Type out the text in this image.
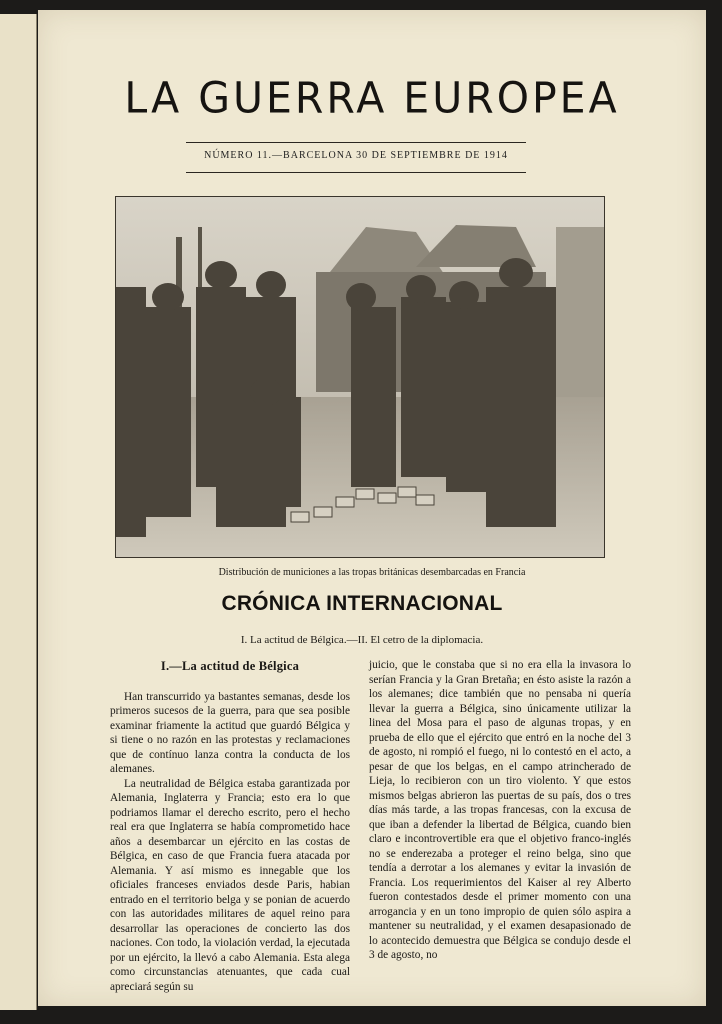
LA GUERRA EUROPEA
NÚMERO 11.—BARCELONA 30 DE SEPTIEMBRE DE 1914
Distribución de municiones a las tropas británicas desembarcadas en Francia
CRÓNICA INTERNACIONAL
I. La actitud de Bélgica.—II. El cetro de la diplomacia.
I.—La actitud de Bélgica

Han transcurrido ya bastantes semanas, desde los primeros sucesos de la guerra, para que sea posible examinar friamente la actitud que guardó Bélgica y si tiene o no razón en las protestas y reclamaciones que de contínuo lanza contra la conducta de los alemanes.

La neutralidad de Bélgica estaba garantizada por Alemania, Inglaterra y Francia; esto era lo que podriamos llamar el derecho escrito, pero el hecho real era que Inglaterra se había comprometido hace años a desembarcar un ejército en las costas de Bélgica, en caso de que Francia fuera atacada por Alemania. Y así mismo es innegable que los oficiales franceses enviados desde Paris, habian entrado en el territorio belga y se ponian de acuerdo con las autoridades militares de aquel reino para desarrollar las operaciones de concierto las dos naciones. Con todo, la violación verdad, la ejecutada por un ejército, la llevó a cabo Alemania. Esta alega como circunstancias atenuantes, que cada cual apreciará según su

juicio, que le constaba que si no era ella la invasora lo serían Francia y la Gran Bretaña; en ésto asiste la razón a los alemanes; dice también que no pensaba ni quería llevar la guerra a Bélgica, sino únicamente utilizar la linea del Mosa para el paso de algunas tropas, y en prueba de ello que el ejército que entró en la noche del 3 de agosto, ni rompió el fuego, ni lo contestó en el acto, a pesar de que los belgas, en el campo atrincherado de Lieja, lo recibieron con un tiro violento. Y que estos mismos belgas abrieron las puertas de su país, dos o tres días más tarde, a las tropas francesas, con la excusa de que iban a defender la libertad de Bélgica, cuando bien claro e incontrovertible era que el objetivo franco-inglés no se enderezaba a proteger el reino belga, sino que tendía a derrotar a los alemanes y evitar la invasión de Francia. Los requerimientos del Kaiser al rey Alberto fueron contestados desde el primer momento con una arrogancia y en un tono impropio de quien sólo aspira a mantener su neutralidad, y el examen desapasionado de lo acontecido demuestra que Bélgica se condujo desde el 3 de agosto, no
